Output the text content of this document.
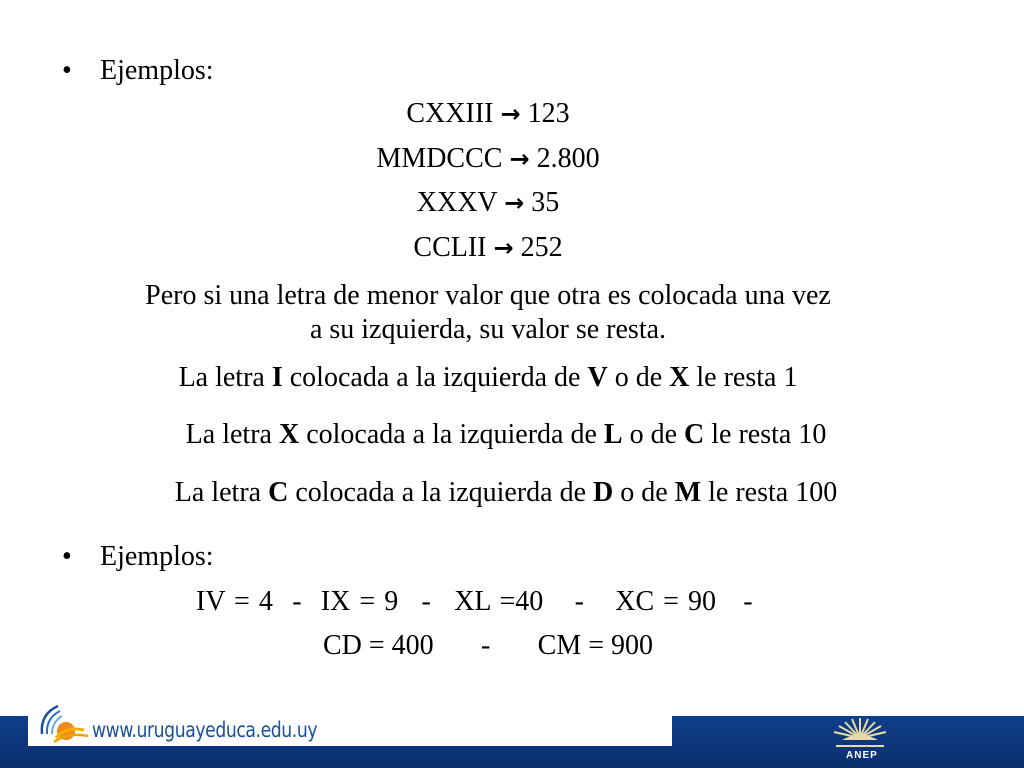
• Ejemplos:
CXXIII → 123
MMDCCC → 2.800
XXXV → 35
CCLII → 252
Pero si una letra de menor valor que otra es colocada una vez
a su izquierda, su valor se resta.
La letra I colocada a la izquierda de V o de X le resta 1
La letra X colocada a la izquierda de L o de C le resta 10
La letra C colocada a la izquierda de D o de M le resta 100
• Ejemplos:
IV = 4 - IX = 9 - XL =40 - XC = 90 -
CD = 400 - CM = 900
www.uruguayeduca.edu.uy
ANEP
